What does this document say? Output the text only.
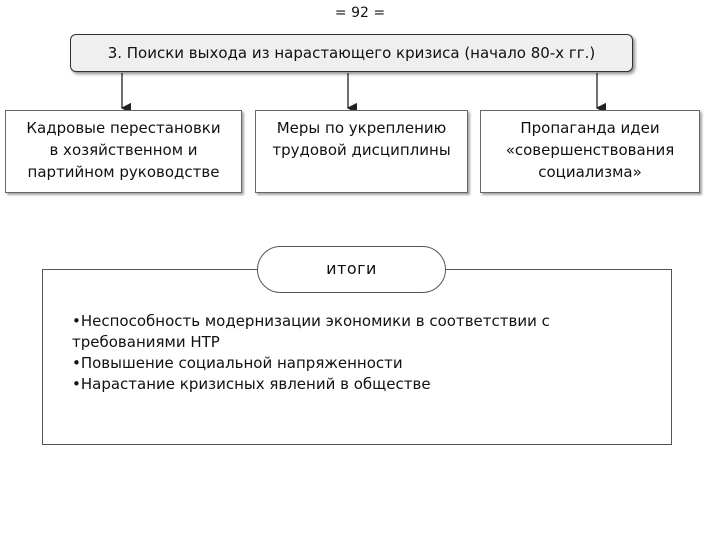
= 92 =
3. Поиски выхода из нарастающего кризиса (начало 80-х гг.)
Кадровые перестановки
в хозяйственном и
партийном руководстве
Меры по укреплению
трудовой дисциплины
Пропаганда идеи
«совершенствования
социализма»
итоги
•Неспособность модернизации экономики в соответствии с
требованиями НТР
•Повышение социальной напряженности
•Нарастание кризисных явлений в обществе
